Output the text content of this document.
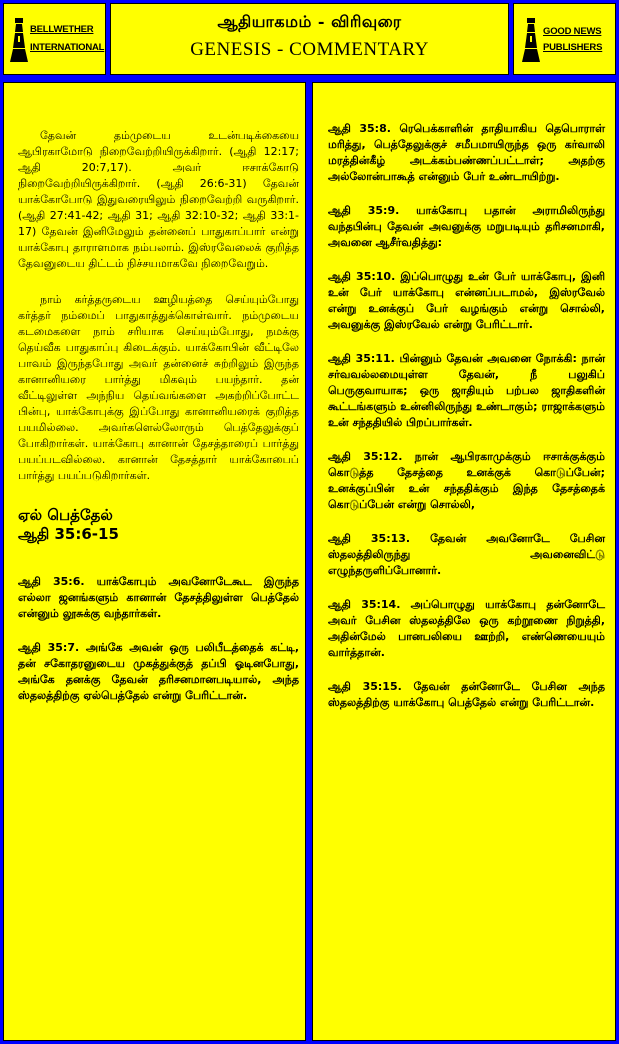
BELLWETHER
INTERNATIONAL
ஆதியாகமம் - விரிவுரை
GENESIS - COMMENTARY
GOOD NEWS
PUBLISHERS

தேவன் தம்முடைய உடன்படிக்கையை ஆபிரகாமோடு நிறைவேற்றியிருக்கிறார். (ஆதி 12:17; ஆதி 20:7,17). அவர் ஈசாக்கோடு நிறைவேற்றியிருக்கிறார். (ஆதி 26:6-31) தேவன் யாக்கோபோடு இதுவரையிலும் நிறைவேற்றி வருகிறார். (ஆதி 27:41-42; ஆதி 31; ஆதி 32:10-32; ஆதி 33:1-17) தேவன் இனிமேலும் தன்னைப் பாதுகாப்பார் என்று யாக்கோபு தாராளமாக நம்பலாம். இஸ்ரவேலைக் குறித்த தேவனுடைய திட்டம் நிச்சயமாகவே நிறைவேறும்.

நாம் கர்த்தருடைய ஊழியத்தை செய்யும்போது கர்த்தர் நம்மைப் பாதுகாத்துக்கொள்வார். நம்முடைய கடமைகளை நாம் சரியாக செய்யும்போது, நமக்கு தெய்வீக பாதுகாப்பு கிடைக்கும். யாக்கோபின் வீட்டிலே பாவம் இருந்தபோது அவர் தன்னைச் சுற்றிலும் இருந்த கானானியரை பார்த்து மிகவும் பயந்தார். தன் வீட்டிலுள்ள அந்நிய தெய்வங்களை அகற்றிப்போட்ட பின்பு, யாக்கோபுக்கு இப்போது கானானியரைக் குறித்த பயமில்லை. அவர்களெல்லோரும் பெத்தேலுக்குப் போகிறார்கள். யாக்கோபு கானான் தேசத்தாரைப் பார்த்து பயப்படவில்லை. கானான் தேசத்தார் யாக்கோபைப் பார்த்து பயப்படுகிறார்கள்.

ஏல் பெத்தேல்
ஆதி 35:6-15

ஆதி 35:6. யாக்கோபும் அவனோடேகூட இருந்த எல்லா ஜனங்களும் கானான் தேசத்திலுள்ள பெத்தேல் என்னும் லூசுக்கு வந்தார்கள்.

ஆதி 35:7. அங்கே அவன் ஒரு பலிபீடத்தைக் கட்டி, தன் சகோதரனுடைய முகத்துக்குத் தப்பி ஓடினபோது, அங்கே தனக்கு தேவன் தரிசனமானபடியால், அந்த ஸ்தலத்திற்கு ஏல்பெத்தேல் என்று பேரிட்டான்.

ஆதி 35:8. ரெபெக்காளின் தாதியாகிய தெபொராள் மரித்து, பெத்தேலுக்குச் சமீபமாயிருந்த ஒரு கர்வாலி மரத்தின்கீழ் அடக்கம்பண்ணப்பட்டாள்; அதற்கு அல்லோன்பாகூத் என்னும் பேர் உண்டாயிற்று.

ஆதி 35:9. யாக்கோபு பதான் அராமிலிருந்து வந்தபின்பு தேவன் அவனுக்கு மறுபடியும் தரிசனமாகி, அவனை ஆசீர்வதித்து:

ஆதி 35:10. இப்பொழுது உன் பேர் யாக்கோபு, இனி உன் பேர் யாக்கோபு என்னப்படாமல், இஸ்ரவேல் என்று உனக்குப் பேர் வழங்கும் என்று சொல்லி, அவனுக்கு இஸ்ரவேல் என்று பேரிட்டார்.

ஆதி 35:11. பின்னும் தேவன் அவனை நோக்கி: நான் சர்வவல்லமையுள்ள தேவன், நீ பலுகிப் பெருகுவாயாக; ஒரு ஜாதியும் பற்பல ஜாதிகளின் கூட்டங்களும் உன்னிலிருந்து உண்டாகும்; ராஜாக்களும் உன் சந்ததியில் பிறப்பார்கள்.

ஆதி 35:12. நான் ஆபிரகாமுக்கும் ஈசாக்குக்கும் கொடுத்த தேசத்தை உனக்குக் கொடுப்பேன்; உனக்குப்பின் உன் சந்ததிக்கும் இந்த தேசத்தைக் கொடுப்பேன் என்று சொல்லி,

ஆதி 35:13. தேவன் அவனோடே பேசின ஸ்தலத்திலிருந்து அவனைவிட்டு எழுந்தருளிப்போனார்.

ஆதி 35:14. அப்பொழுது யாக்கோபு தன்னோடே அவர் பேசின ஸ்தலத்திலே ஒரு கற்றூணை நிறுத்தி, அதின்மேல் பானபலியை ஊற்றி, எண்ணெயையும் வார்த்தான்.

ஆதி 35:15. தேவன் தன்னோடே பேசின அந்த ஸ்தலத்திற்கு யாக்கோபு பெத்தேல் என்று பேரிட்டான்.
